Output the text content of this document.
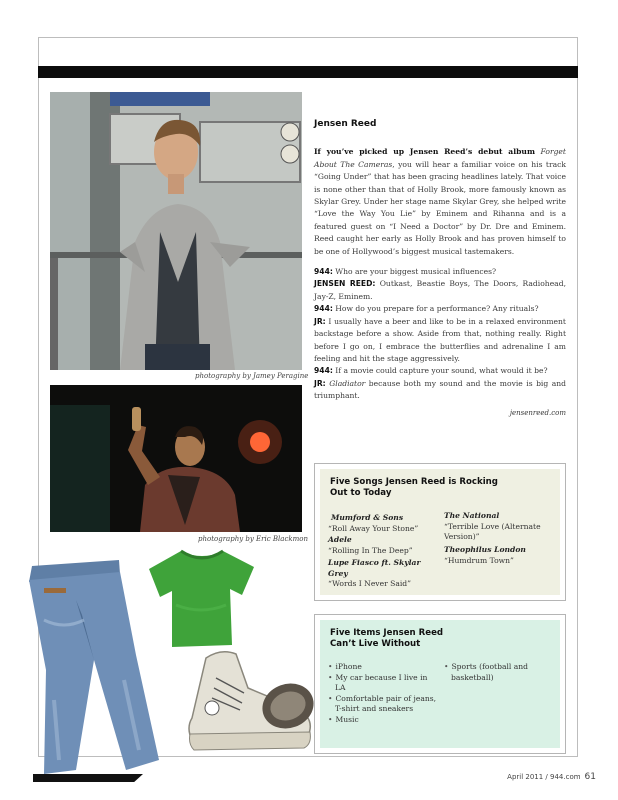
photography by Jamey Peragine
photography by Eric Blackmon
Jensen Reed

If you’ve picked up Jensen Reed’s debut album Forget About The Cameras, you will hear a familiar voice on his track “Going Under” that has been gracing headlines lately. That voice is none other than that of Holly Brook, more famously known as Skylar Grey. Under her stage name Skylar Grey, she helped write “Love the Way You Lie” by Eminem and Rihanna and is a featured guest on “I Need a Doctor” by Dr. Dre and Eminem. Reed caught her early as Holly Brook and has proven himself to be one of Hollywood’s biggest musical tastemakers.

944: Who are your biggest musical influences?
JENSEN REED: Outkast, Beastie Boys, The Doors, Radiohead, Jay-Z, Eminem.
944: How do you prepare for a performance? Any rituals?
JR: I usually have a beer and like to be in a relaxed environment backstage before a show. Aside from that, nothing really. Right before I go on, I embrace the butterflies and adrenaline I am feeling and hit the stage aggressively.
944: If a movie could capture your sound, what would it be?
JR: Gladiator because both my sound and the movie is big and triumphant.
jensenreed.com
Five Songs Jensen Reed is Rocking Out to Today
Mumford & Sons
“Roll Away Your Stone”
Adele
“Rolling In The Deep”
Lupe Fiasco ft. Skylar Grey
“Words I Never Said”
The National
“Terrible Love (Alternate Version)”
Theophilus London
“Humdrum Town”
Five Items Jensen Reed Can’t Live Without
• iPhone
• My car because I live in LA
• Comfortable pair of jeans, T-shirt and sneakers
• Music
• Sports (football and basketball)
April 2011 / 944.com 61
